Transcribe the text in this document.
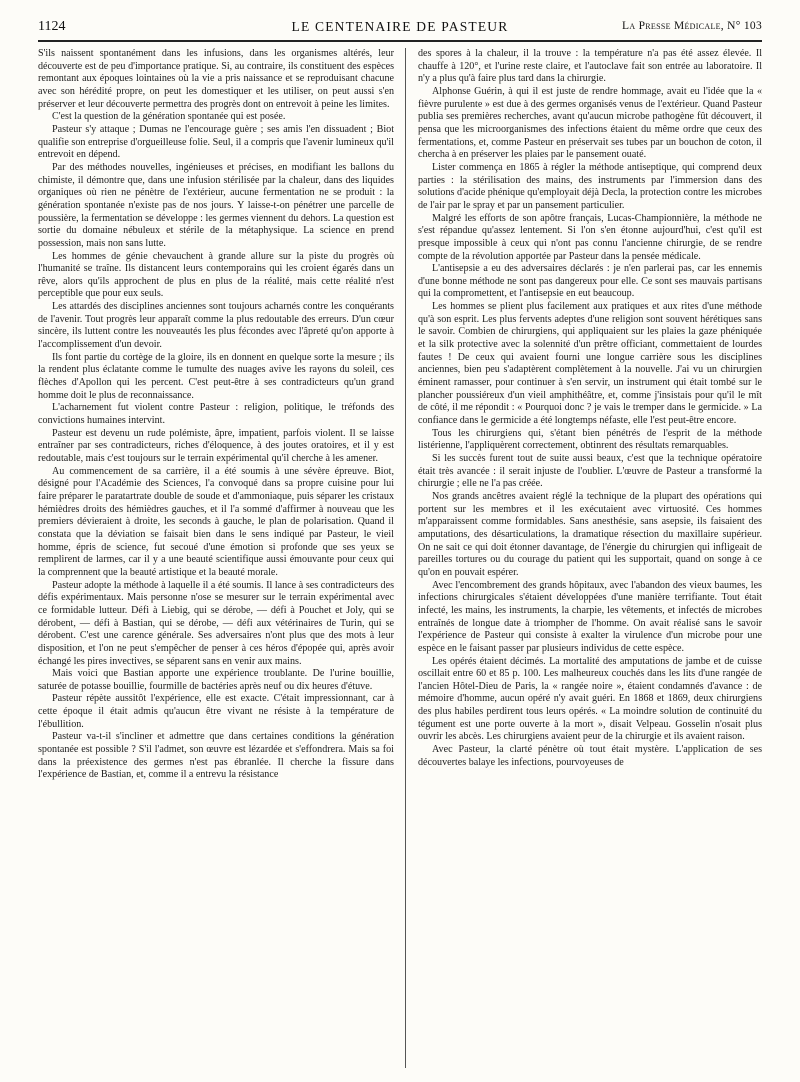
1124	LE CENTENAIRE DE PASTEUR	La Presse Médicale, N° 103

S'ils naissent spontanément dans les infusions, dans les organismes altérés, leur découverte est de peu d'importance pratique. Si, au contraire, ils constituent des espèces remontant aux époques lointaines où la vie a pris naissance et se reproduisant chacune avec son hérédité propre, on peut les domestiquer et les utiliser, on peut aussi s'en préserver et leur découverte permettra des progrès dont on entrevoit à peine les limites.

C'est la question de la génération spontanée qui est posée.

Pasteur s'y attaque ; Dumas ne l'encourage guère ; ses amis l'en dissuadent ; Biot qualifie son entreprise d'orgueilleuse folie. Seul, il a compris que l'avenir lumineux qu'il entrevoit en dépend.

Par des méthodes nouvelles, ingénieuses et précises, en modifiant les ballons du chimiste, il démontre que, dans une infusion stérilisée par la chaleur, dans des liquides organiques où rien ne pénètre de l'extérieur, aucune fermentation ne se produit : la génération spontanée n'existe pas de nos jours. Y laisse-t-on pénétrer une parcelle de poussière, la fermentation se développe : les germes viennent du dehors. La question est sortie du domaine nébuleux et stérile de la métaphysique. La science en prend possession, mais non sans lutte.

Les hommes de génie chevauchent à grande allure sur la piste du progrès où l'humanité se traîne. Ils distancent leurs contemporains qui les croient égarés dans un rêve, alors qu'ils approchent de plus en plus de la réalité, mais cette réalité n'est perceptible que pour eux seuls.

Les attardés des disciplines anciennes sont toujours acharnés contre les conquérants de l'avenir. Tout progrès leur apparaît comme la plus redoutable des erreurs. D'un cœur sincère, ils luttent contre les nouveautés les plus fécondes avec l'âpreté qu'on apporte à l'accomplissement d'un devoir.

Ils font partie du cortège de la gloire, ils en donnent en quelque sorte la mesure ; ils la rendent plus éclatante comme le tumulte des nuages avive les rayons du soleil, ces flèches d'Apollon qui les percent. C'est peut-être à ses contradicteurs qu'un grand homme doit le plus de reconnaissance.

L'acharnement fut violent contre Pasteur : religion, politique, le tréfonds des convictions humaines intervint.

Pasteur est devenu un rude polémiste, âpre, impatient, parfois violent. Il se laisse entraîner par ses contradicteurs, riches d'éloquence, à des joutes oratoires, et il y est redoutable, mais c'est toujours sur le terrain expérimental qu'il cherche à les amener.

Au commencement de sa carrière, il a été soumis à une sévère épreuve. Biot, désigné pour l'Académie des Sciences, l'a convoqué dans sa propre cuisine pour lui faire préparer le paratartrate double de soude et d'ammoniaque, puis séparer les cristaux hémièdres droits des hémièdres gauches, et il l'a sommé d'affirmer à nouveau que les premiers dévieraient à droite, les seconds à gauche, le plan de polarisation. Quand il constata que la déviation se faisait bien dans le sens indiqué par Pasteur, le vieil homme, épris de science, fut secoué d'une émotion si profonde que ses yeux se remplirent de larmes, car il y a une beauté scientifique aussi émouvante pour ceux qui la comprennent que la beauté artistique et la beauté morale.

Pasteur adopte la méthode à laquelle il a été soumis. Il lance à ses contradicteurs des défis expérimentaux. Mais personne n'ose se mesurer sur le terrain expérimental avec ce formidable lutteur. Défi à Liebig, qui se dérobe, — défi à Pouchet et Joly, qui se dérobent, — défi à Bastian, qui se dérobe, — défi aux vétérinaires de Turin, qui se dérobent. C'est une carence générale. Ses adversaires n'ont plus que des mots à leur disposition, et l'on ne peut s'empêcher de penser à ces héros d'épopée qui, après avoir échangé les pires invectives, se séparent sans en venir aux mains.

Mais voici que Bastian apporte une expérience troublante. De l'urine bouillie, saturée de potasse bouillie, fourmille de bactéries après neuf ou dix heures d'étuve.

Pasteur répète aussitôt l'expérience, elle est exacte. C'était impressionnant, car à cette époque il était admis qu'aucun être vivant ne résiste à la température de l'ébullition.

Pasteur va-t-il s'incliner et admettre que dans certaines conditions la génération spontanée est possible ? S'il l'admet, son œuvre est lézardée et s'effondrera. Mais sa foi dans la préexistence des germes n'est pas ébranlée. Il cherche la fissure dans l'expérience de Bastian, et, comme il a entrevu la résistance

des spores à la chaleur, il la trouve : la température n'a pas été assez élevée. Il chauffe à 120°, et l'urine reste claire, et l'autoclave fait son entrée au laboratoire. Il n'y a plus qu'à faire plus tard dans la chirurgie.

Alphonse Guérin, à qui il est juste de rendre hommage, avait eu l'idée que la « fièvre purulente » est due à des germes organisés venus de l'extérieur. Quand Pasteur publia ses premières recherches, avant qu'aucun microbe pathogène fût découvert, il pensa que les microorganismes des infections étaient du même ordre que ceux des fermentations, et, comme Pasteur en préservait ses tubes par un bouchon de coton, il chercha à en préserver les plaies par le pansement ouaté.

Lister commença en 1865 à régler la méthode antiseptique, qui comprend deux parties : la stérilisation des mains, des instruments par l'immersion dans des solutions d'acide phénique qu'employait déjà Decla, la protection contre les microbes de l'air par le spray et par un pansement particulier.

Malgré les efforts de son apôtre français, Lucas-Championnière, la méthode ne s'est répandue qu'assez lentement. Si l'on s'en étonne aujourd'hui, c'est qu'il est presque impossible à ceux qui n'ont pas connu l'ancienne chirurgie, de se rendre compte de la révolution apportée par Pasteur dans la pensée médicale.

L'antisepsie a eu des adversaires déclarés : je n'en parlerai pas, car les ennemis d'une bonne méthode ne sont pas dangereux pour elle. Ce sont ses mauvais partisans qui la compromettent, et l'antisepsie en eut beaucoup.

Les hommes se plient plus facilement aux pratiques et aux rites d'une méthode qu'à son esprit. Les plus fervents adeptes d'une religion sont souvent hérétiques sans le savoir. Combien de chirurgiens, qui appliquaient sur les plaies la gaze phéniquée et la silk protective avec la solennité d'un prêtre officiant, commettaient de lourdes fautes ! De ceux qui avaient fourni une longue carrière sous les disciplines anciennes, bien peu s'adaptèrent complètement à la nouvelle. J'ai vu un chirurgien éminent ramasser, pour continuer à s'en servir, un instrument qui était tombé sur le plancher poussiéreux d'un vieil amphithéâtre, et, comme j'insistais pour qu'il le mît de côté, il me répondit : « Pourquoi donc ? je vais le tremper dans le germicide. » La confiance dans le germicide a été longtemps néfaste, elle l'est peut-être encore.

Tous les chirurgiens qui, s'étant bien pénétrés de l'esprit de la méthode listérienne, l'appliquèrent correctement, obtinrent des résultats remarquables.

Si les succès furent tout de suite aussi beaux, c'est que la technique opératoire était très avancée : il serait injuste de l'oublier. L'œuvre de Pasteur a transformé la chirurgie ; elle ne l'a pas créée.

Nos grands ancêtres avaient réglé la technique de la plupart des opérations qui portent sur les membres et il les exécutaient avec virtuosité. Ces hommes m'apparaissent comme formidables. Sans anesthésie, sans asepsie, ils faisaient des amputations, des désarticulations, la dramatique résection du maxillaire supérieur. On ne sait ce qui doit étonner davantage, de l'énergie du chirurgien qui infligeait de pareilles tortures ou du courage du patient qui les supportait, quand on songe à ce qu'on en pouvait espérer.

Avec l'encombrement des grands hôpitaux, avec l'abandon des vieux baumes, les infections chirurgicales s'étaient développées d'une manière terrifiante. Tout était infecté, les mains, les instruments, la charpie, les vêtements, et infectés de microbes entraînés de longue date à triompher de l'homme. On avait réalisé sans le savoir l'expérience de Pasteur qui consiste à exalter la virulence d'un microbe pour une espèce en le faisant passer par plusieurs individus de cette espèce.

Les opérés étaient décimés. La mortalité des amputations de jambe et de cuisse oscillait entre 60 et 85 p. 100. Les malheureux couchés dans les lits d'une rangée de l'ancien Hôtel-Dieu de Paris, la « rangée noire », étaient condamnés d'avance : de mémoire d'homme, aucun opéré n'y avait guéri. En 1868 et 1869, deux chirurgiens des plus habiles perdirent tous leurs opérés. « La moindre solution de continuité du tégument est une porte ouverte à la mort », disait Velpeau. Gosselin n'osait plus ouvrir les abcès. Les chirurgiens avaient peur de la chirurgie et ils avaient raison.

Avec Pasteur, la clarté pénètre où tout était mystère. L'application de ses découvertes balaye les infections, pourvoyeuses de
